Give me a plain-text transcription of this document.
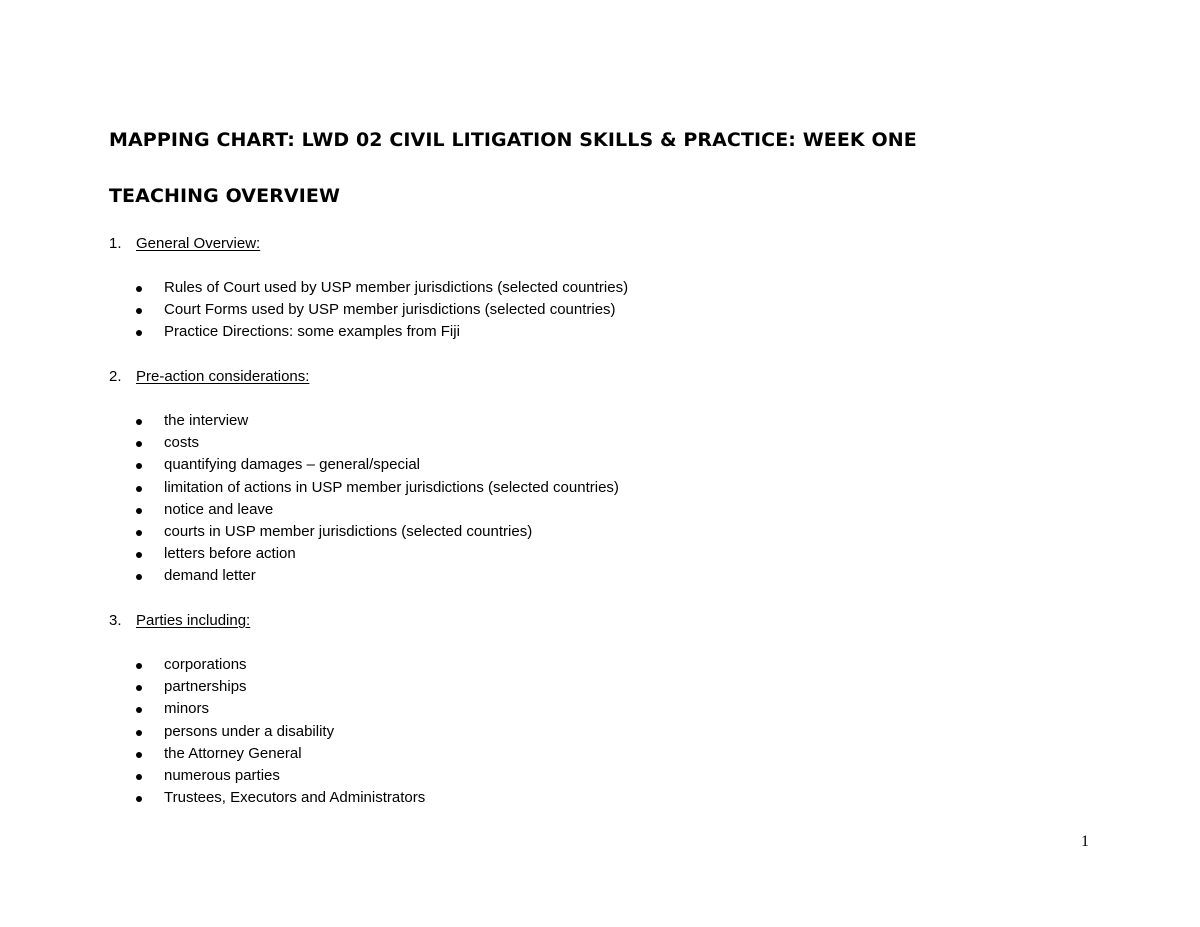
MAPPING CHART: LWD 02 CIVIL LITIGATION SKILLS & PRACTICE: WEEK ONE
TEACHING OVERVIEW
1. General Overview:
Rules of Court used by USP member jurisdictions (selected countries)
Court Forms used by USP member jurisdictions (selected countries)
Practice Directions: some examples from Fiji
2. Pre-action considerations:
the interview
costs
quantifying damages – general/special
limitation of actions in USP member jurisdictions (selected countries)
notice and leave
courts in USP member jurisdictions (selected countries)
letters before action
demand letter
3. Parties including:
corporations
partnerships
minors
persons under a disability
the Attorney General
numerous parties
Trustees, Executors and Administrators
1
